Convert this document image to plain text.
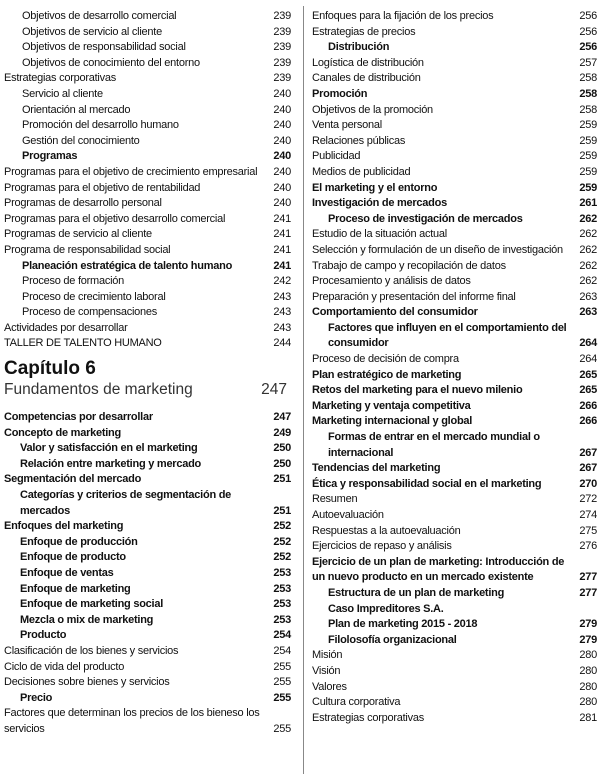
Objetivos de desarrollo comercial	239
Objetivos de servicio al cliente	239
Objetivos de responsabilidad social	239
Objetivos de conocimiento del entorno	239
Estrategias corporativas	239
Servicio al cliente	240
Orientación al mercado	240
Promoción del desarrollo humano	240
Gestión del conocimiento	240
Programas	240
Programas para el objetivo de crecimiento empresarial	240
Programas para el objetivo de rentabilidad	240
Programas de desarrollo personal	240
Programas para el objetivo desarrollo comercial	241
Programas de servicio al cliente	241
Programa de responsabilidad social	241
Planeación estratégica de talento humano	241
Proceso de formación	242
Proceso de crecimiento laboral	243
Proceso de compensaciones	243
Actividades por desarrollar	243
TALLER DE TALENTO HUMANO	244
Capítulo 6
Fundamentos de marketing	247
Competencias por desarrollar	247
Concepto de marketing	249
Valor y satisfacción en el marketing	250
Relación entre marketing y mercado	250
Segmentación del mercado	251
Categorías y criterios de segmentación de mercados	251
Enfoques del marketing	252
Enfoque de producción	252
Enfoque de producto	252
Enfoque de ventas	253
Enfoque de marketing	253
Enfoque de marketing social	253
Mezcla o mix de marketing	253
Producto	254
Clasificación de los bienes y servicios	254
Ciclo de vida del producto	255
Decisiones sobre bienes y servicios	255
Precio	255
Factores que determinan los precios de los bieneso los servicios	255
Enfoques para la fijación de los precios	256
Estrategias de precios	256
Distribución	256
Logística de distribución	257
Canales de distribución	258
Promoción	258
Objetivos de la promoción	258
Venta personal	259
Relaciones públicas	259
Publicidad	259
Medios de publicidad	259
El marketing y el entorno	259
Investigación de mercados	261
Proceso de investigación de mercados	262
Estudio de la situación actual	262
Selección y formulación de un diseño de investigación	262
Trabajo de campo y recopilación de datos	262
Procesamiento y análisis de datos	262
Preparación y presentación del informe final	263
Comportamiento del consumidor	263
Factores que influyen en el comportamiento del consumidor	264
Proceso de decisión de compra	264
Plan estratégico de marketing	265
Retos del marketing para el nuevo milenio	265
Marketing y ventaja competitiva	266
Marketing internacional y global	266
Formas de entrar en el mercado mundial o internacional	267
Tendencias del marketing	267
Ética y responsabilidad social en el marketing	270
Resumen	272
Autoevaluación	274
Respuestas a la autoevaluación	275
Ejercicios de repaso y análisis	276
Ejercicio de un plan de marketing: Introducción de un nuevo producto en un mercado existente	277
Estructura de un plan de marketing	277
Caso Impreditores S.A.
Plan de marketing 2015 - 2018	279
Filolosofía organizacional	279
Misión	280
Visión	280
Valores	280
Cultura corporativa	280
Estrategias corporativas	281
